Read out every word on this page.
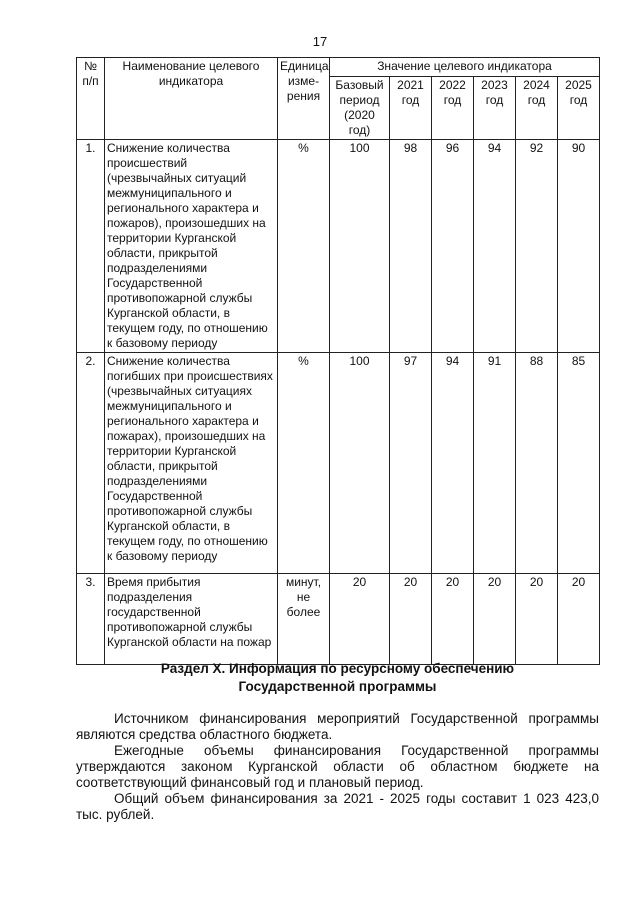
17
№ п/п	Наименование целевого индикатора	Единица изме-рения	Значение целевого индикатора					
			Базовый период (2020 год)	2021 год	2022 год	2023 год	2024 год	2025 год
1.	Снижение количества происшествий (чрезвычайных ситуаций межмуниципального и регионального характера и пожаров), произошедших на территории Курганской области, прикрытой подразделениями Государственной противопожарной службы Курганской области, в текущем году, по отношению к базовому периоду	%	100	98	96	94	92	90
2.	Снижение количества погибших при происшествиях (чрезвычайных ситуациях межмуниципального и регионального характера и пожарах), произошедших на территории Курганской области, прикрытой подразделениями Государственной противопожарной службы Курганской области, в текущем году, по отношению к базовому периоду	%	100	97	94	91	88	85
3.	Время прибытия подразделения государственной противопожарной службы Курганской области на пожар	минут, не более	20	20	20	20	20	20
Раздел X. Информация по ресурсному обеспечению
Государственной программы

Источником финансирования мероприятий Государственной программы являются средства областного бюджета.

Ежегодные объемы финансирования Государственной программы утверждаются законом Курганской области об областном бюджете на соответствующий финансовый год и плановый период.

Общий объем финансирования за 2021 - 2025 годы составит 1 023 423,0 тыс. рублей.
